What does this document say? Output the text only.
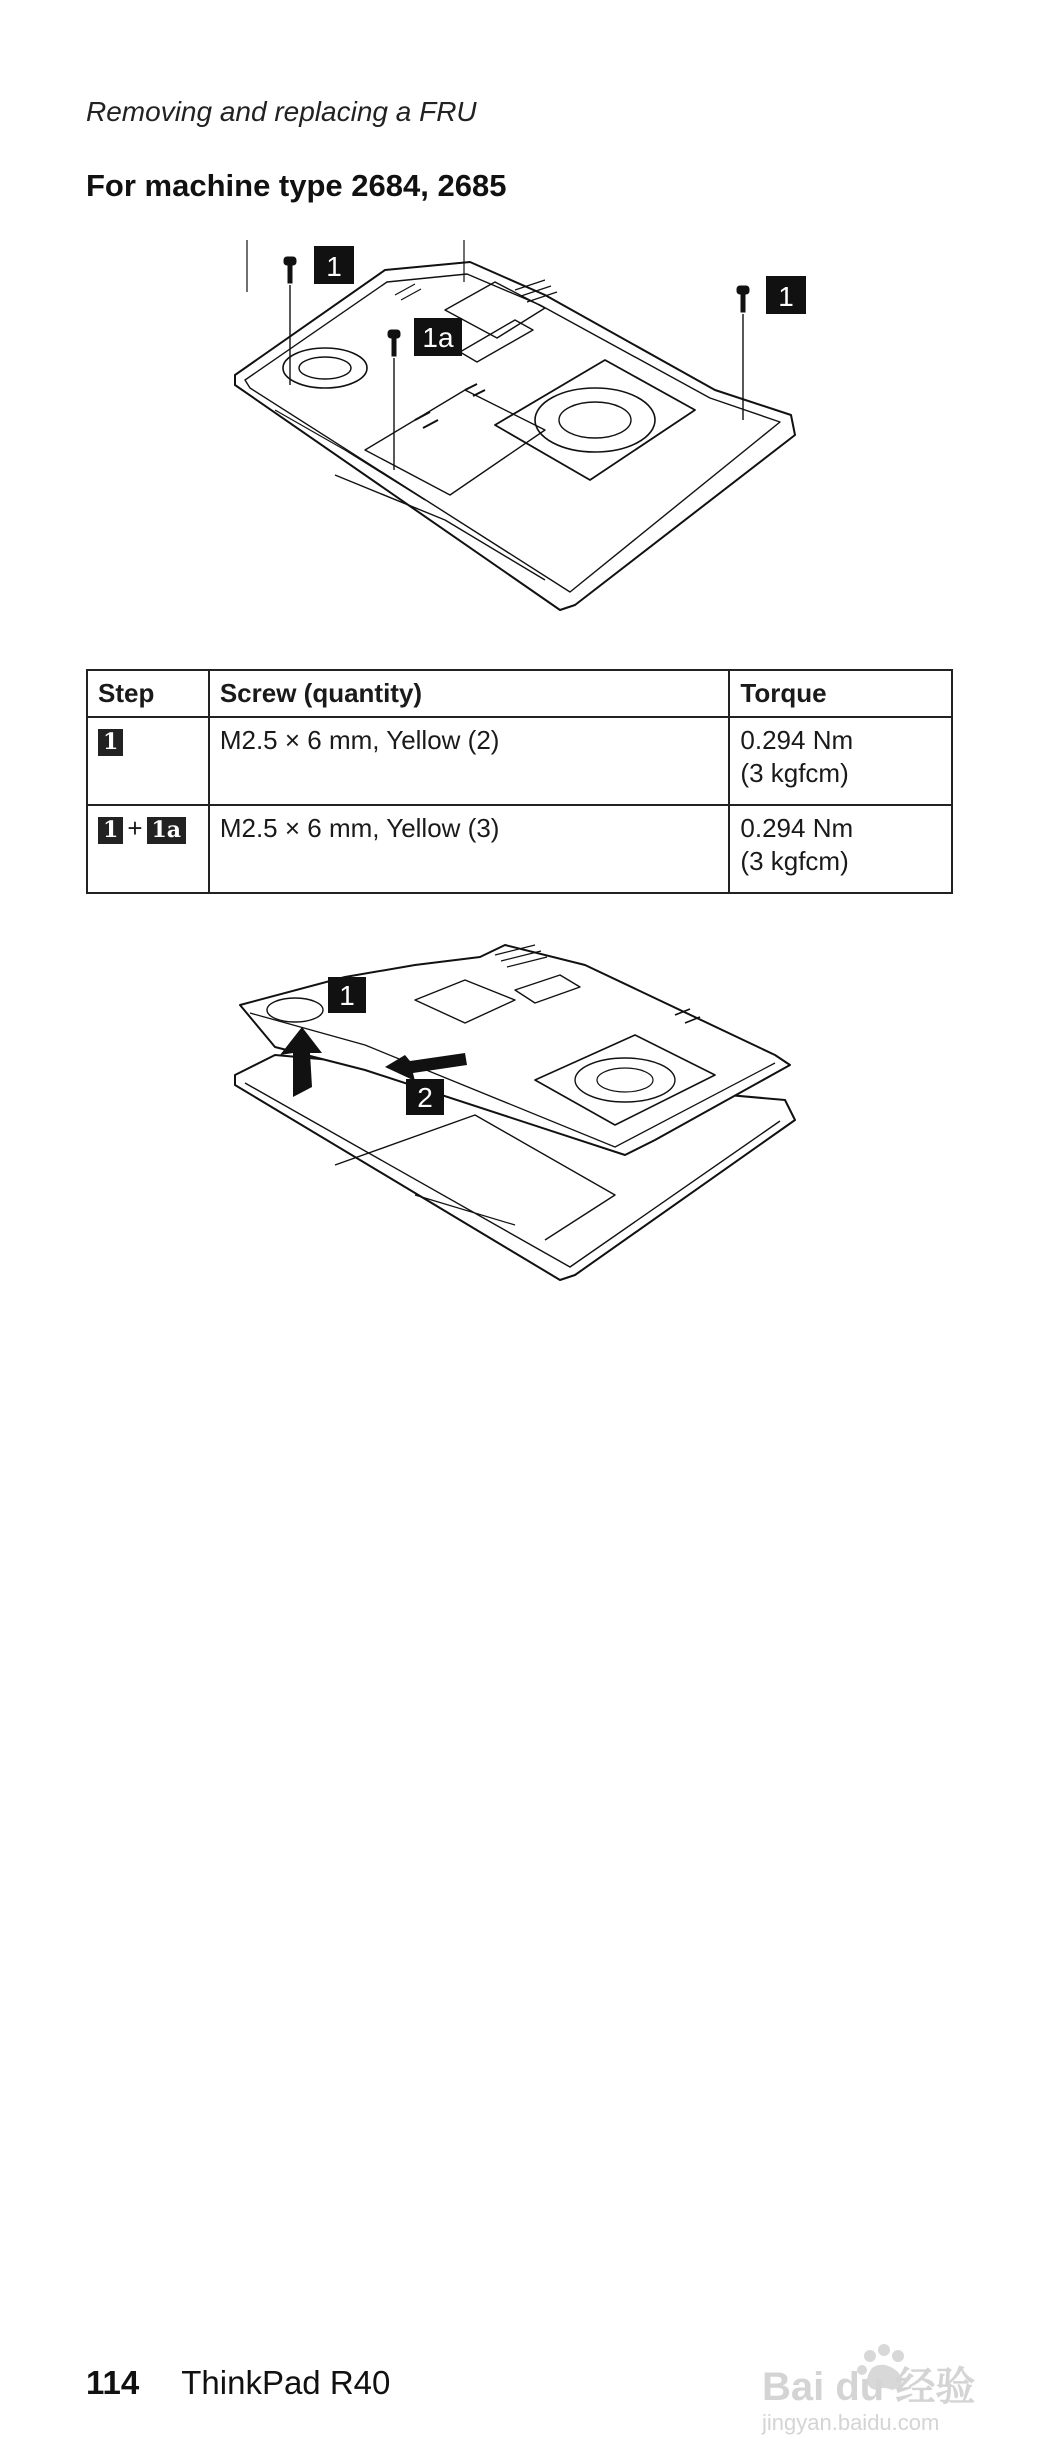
Removing and replacing a FRU
For machine type 2684, 2685
1
1a
1
Step	Screw (quantity)	Torque
1	M2.5 × 6 mm, Yellow (2)	0.294 Nm
(3 kgfcm)

1 + 1a	M2.5 × 6 mm, Yellow (3)	0.294 Nm
(3 kgfcm)
1
2
114 ThinkPad R40	Bai du 经验
jingyan.baidu.com
